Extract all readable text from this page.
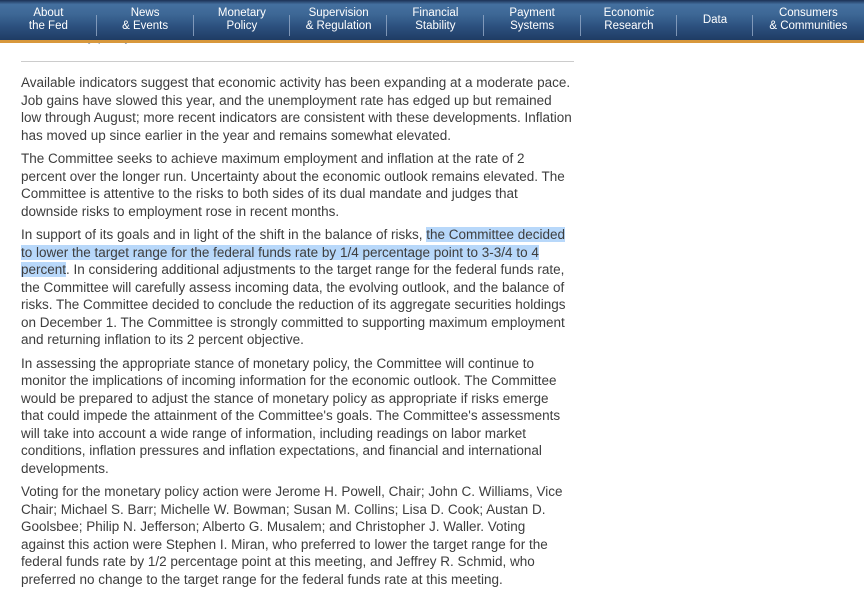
About
the Fed
News
& Events
Monetary
Policy
Supervision
& Regulation
Financial
Stability
Payment
Systems
Economic
Research
Data
Consumers
& Communities

Available indicators suggest that economic activity has been expanding at a moderate pace. Job gains have slowed this year, and the unemployment rate has edged up but remained low through August; more recent indicators are consistent with these developments. Inflation has moved up since earlier in the year and remains somewhat elevated.

The Committee seeks to achieve maximum employment and inflation at the rate of 2 percent over the longer run. Uncertainty about the economic outlook remains elevated. The Committee is attentive to the risks to both sides of its dual mandate and judges that downside risks to employment rose in recent months.

In support of its goals and in light of the shift in the balance of risks, the Committee decided to lower the target range for the federal funds rate by 1/4 percentage point to 3-3/4 to 4 percent. In considering additional adjustments to the target range for the federal funds rate, the Committee will carefully assess incoming data, the evolving outlook, and the balance of risks. The Committee decided to conclude the reduction of its aggregate securities holdings on December 1. The Committee is strongly committed to supporting maximum employment and returning inflation to its 2 percent objective.

In assessing the appropriate stance of monetary policy, the Committee will continue to monitor the implications of incoming information for the economic outlook. The Committee would be prepared to adjust the stance of monetary policy as appropriate if risks emerge that could impede the attainment of the Committee's goals. The Committee's assessments will take into account a wide range of information, including readings on labor market conditions, inflation pressures and inflation expectations, and financial and international developments.

Voting for the monetary policy action were Jerome H. Powell, Chair; John C. Williams, Vice Chair; Michael S. Barr; Michelle W. Bowman; Susan M. Collins; Lisa D. Cook; Austan D. Goolsbee; Philip N. Jefferson; Alberto G. Musalem; and Christopher J. Waller. Voting against this action were Stephen I. Miran, who preferred to lower the target range for the federal funds rate by 1/2 percentage point at this meeting, and Jeffrey R. Schmid, who preferred no change to the target range for the federal funds rate at this meeting.
